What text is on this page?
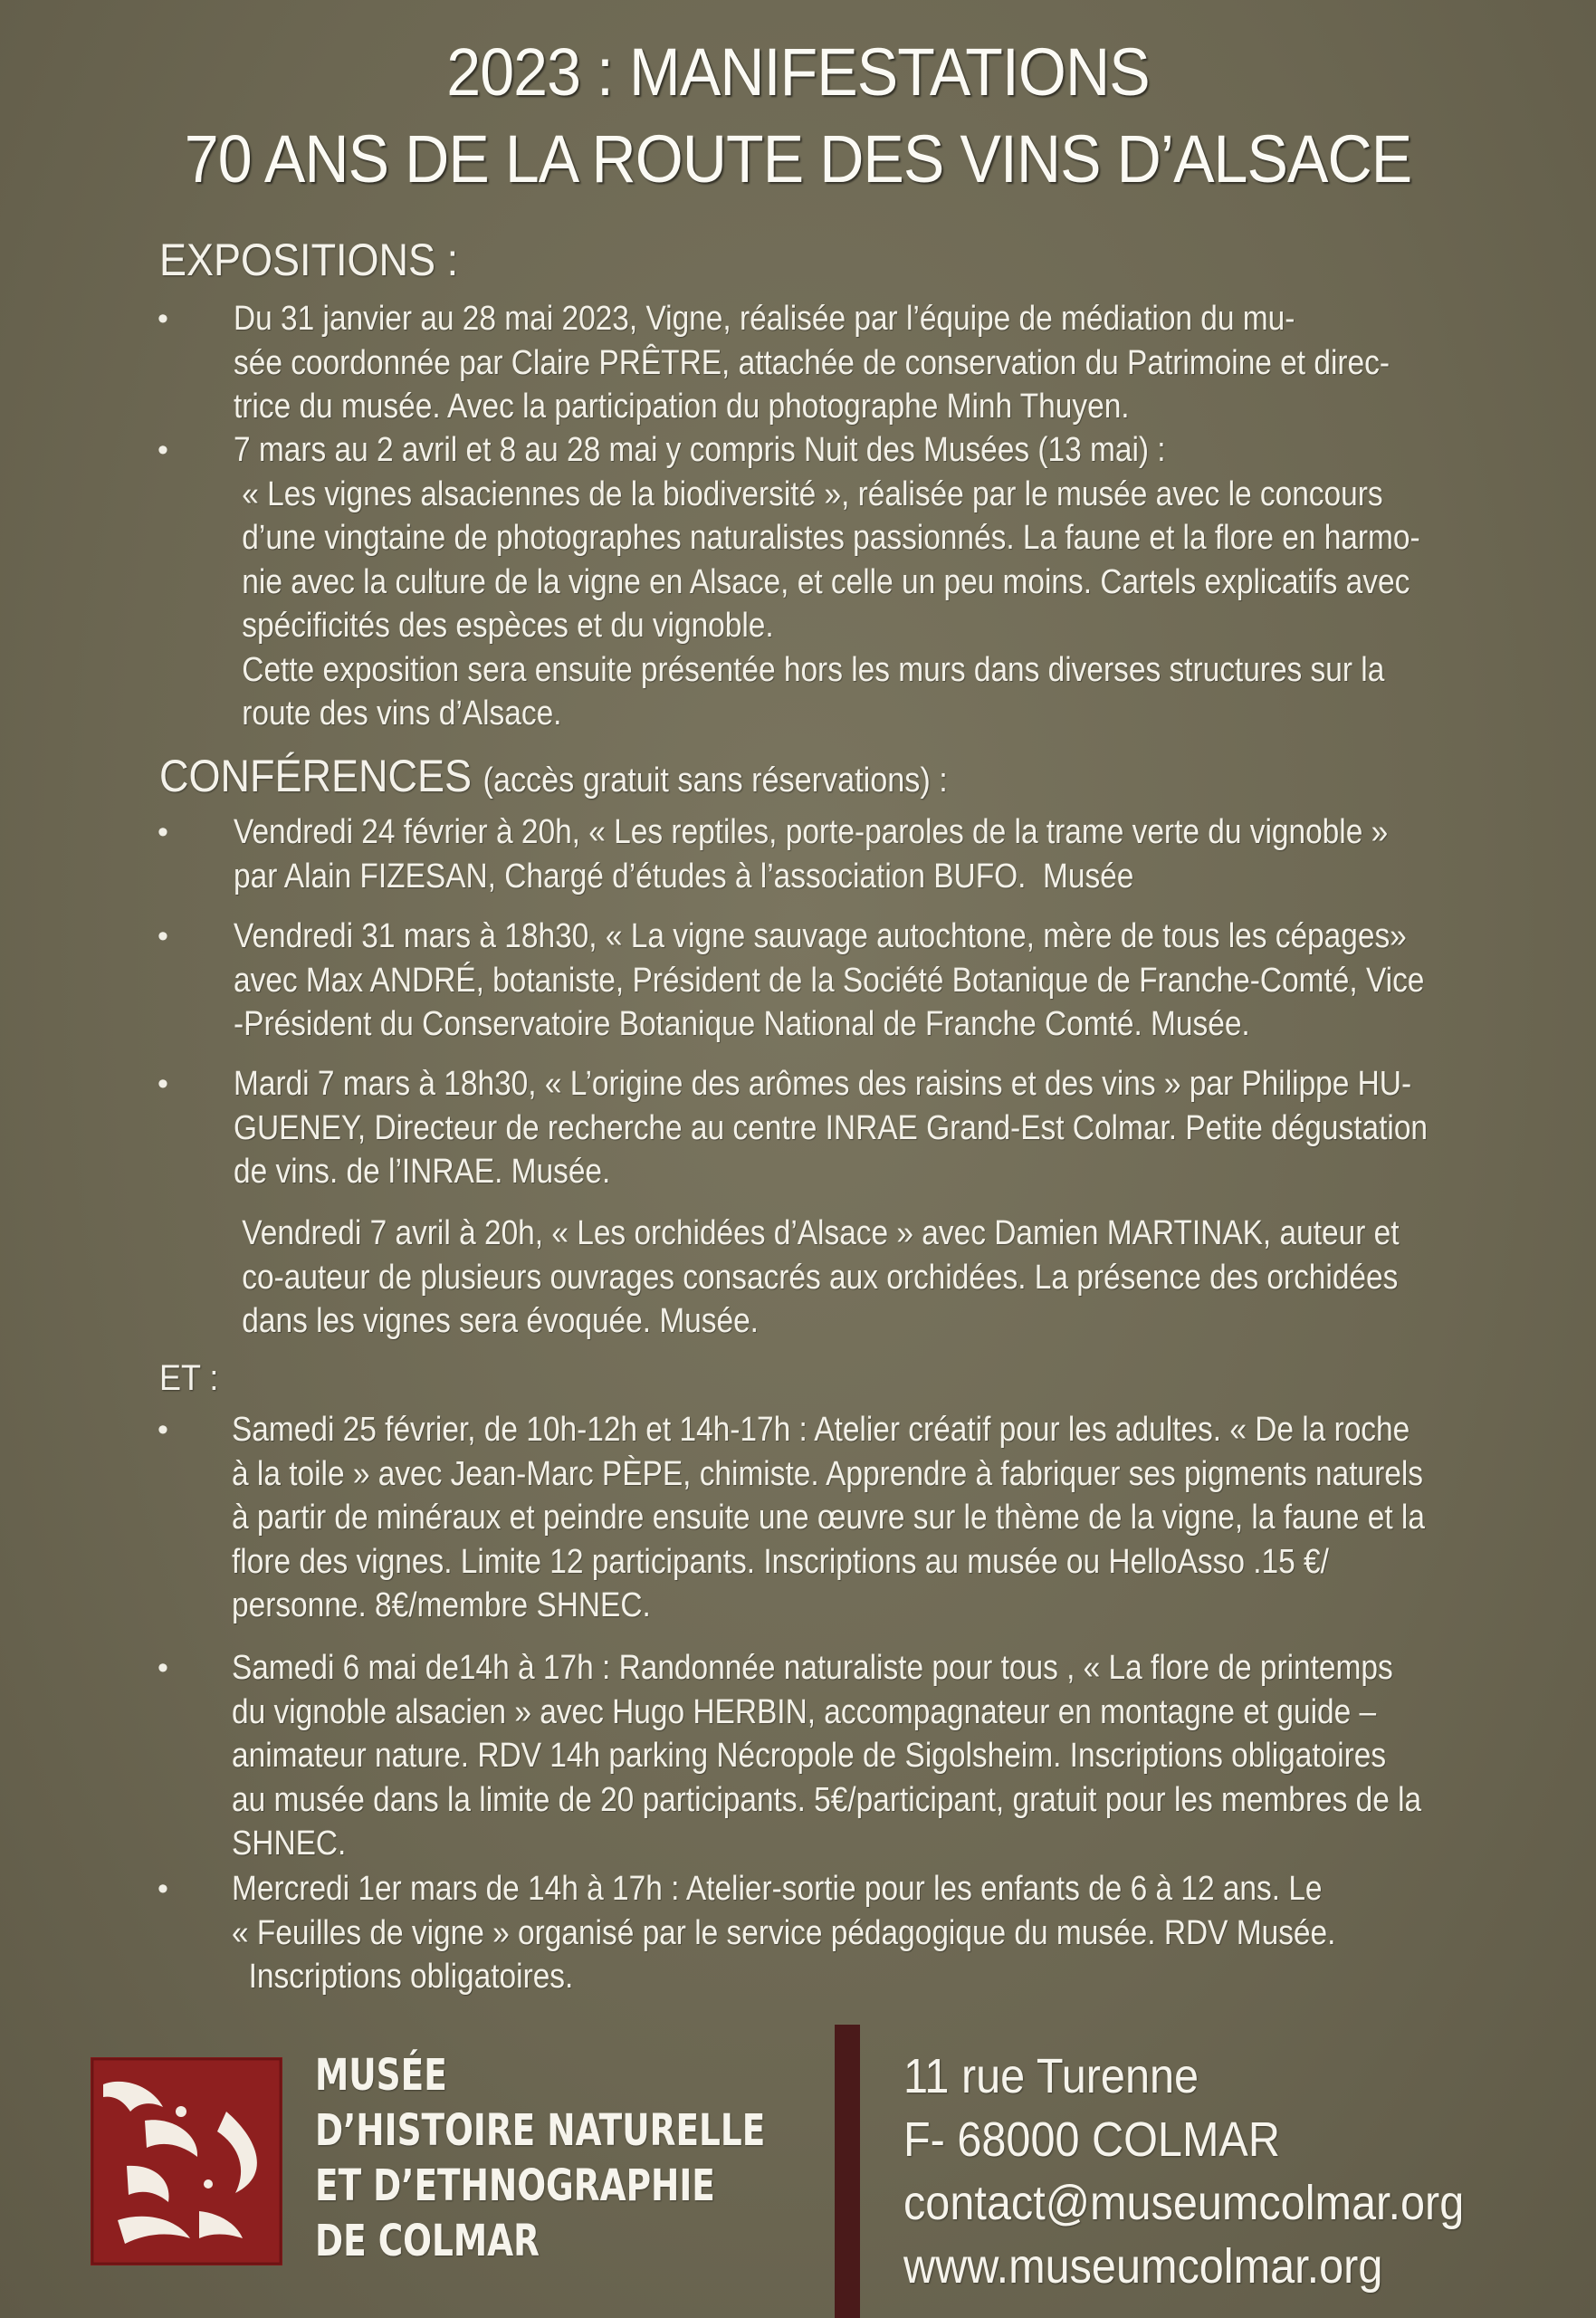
2023 : MANIFESTATIONS
70 ANS DE LA ROUTE DES VINS D’ALSACE
EXPOSITIONS :
• Du 31 janvier au 28 mai 2023, Vigne, réalisée par l’équipe de médiation du mu-
sée coordonnée par Claire PRÊTRE, attachée de conservation du Patrimoine et direc-
trice du musée. Avec la participation du photographe Minh Thuyen.
• 7 mars au 2 avril et 8 au 28 mai y compris Nuit des Musées (13 mai) :
« Les vignes alsaciennes de la biodiversité », réalisée par le musée avec le concours
d’une vingtaine de photographes naturalistes passionnés. La faune et la flore en harmo-
nie avec la culture de la vigne en Alsace, et celle un peu moins. Cartels explicatifs avec
spécificités des espèces et du vignoble.
Cette exposition sera ensuite présentée hors les murs dans diverses structures sur la
route des vins d’Alsace.
CONFÉRENCES (accès gratuit sans réservations) :
• Vendredi 24 février à 20h, « Les reptiles, porte-paroles de la trame verte du vignoble »
par Alain FIZESAN, Chargé d’études à l’association BUFO.  Musée
• Vendredi 31 mars à 18h30, « La vigne sauvage autochtone, mère de tous les cépages»
avec Max ANDRÉ, botaniste, Président de la Société Botanique de Franche-Comté, Vice
-Président du Conservatoire Botanique National de Franche Comté. Musée.
• Mardi 7 mars à 18h30, « L’origine des arômes des raisins et des vins » par Philippe HU-
GUENEY, Directeur de recherche au centre INRAE Grand-Est Colmar. Petite dégustation
de vins. de l’INRAE. Musée.
Vendredi 7 avril à 20h, « Les orchidées d’Alsace » avec Damien MARTINAK, auteur et
co-auteur de plusieurs ouvrages consacrés aux orchidées. La présence des orchidées
dans les vignes sera évoquée. Musée.
ET :
• Samedi 25 février, de 10h-12h et 14h-17h : Atelier créatif pour les adultes. « De la roche
à la toile » avec Jean-Marc PÈPE, chimiste. Apprendre à fabriquer ses pigments naturels
à partir de minéraux et peindre ensuite une œuvre sur le thème de la vigne, la faune et la
flore des vignes. Limite 12 participants. Inscriptions au musée ou HelloAsso .15 €/
personne. 8€/membre SHNEC.
• Samedi 6 mai de14h à 17h : Randonnée naturaliste pour tous , « La flore de printemps
du vignoble alsacien » avec Hugo HERBIN, accompagnateur en montagne et guide –
animateur nature. RDV 14h parking Nécropole de Sigolsheim. Inscriptions obligatoires
au musée dans la limite de 20 participants. 5€/participant, gratuit pour les membres de la
SHNEC.
• Mercredi 1er mars de 14h à 17h : Atelier-sortie pour les enfants de 6 à 12 ans. Le
« Feuilles de vigne » organisé par le service pédagogique du musée. RDV Musée.
Inscriptions obligatoires.
MUSÉE
D’HISTOIRE NATURELLE
ET D’ETHNOGRAPHIE
DE COLMAR
11 rue Turenne
F- 68000 COLMAR
contact@museumcolmar.org
www.museumcolmar.org
